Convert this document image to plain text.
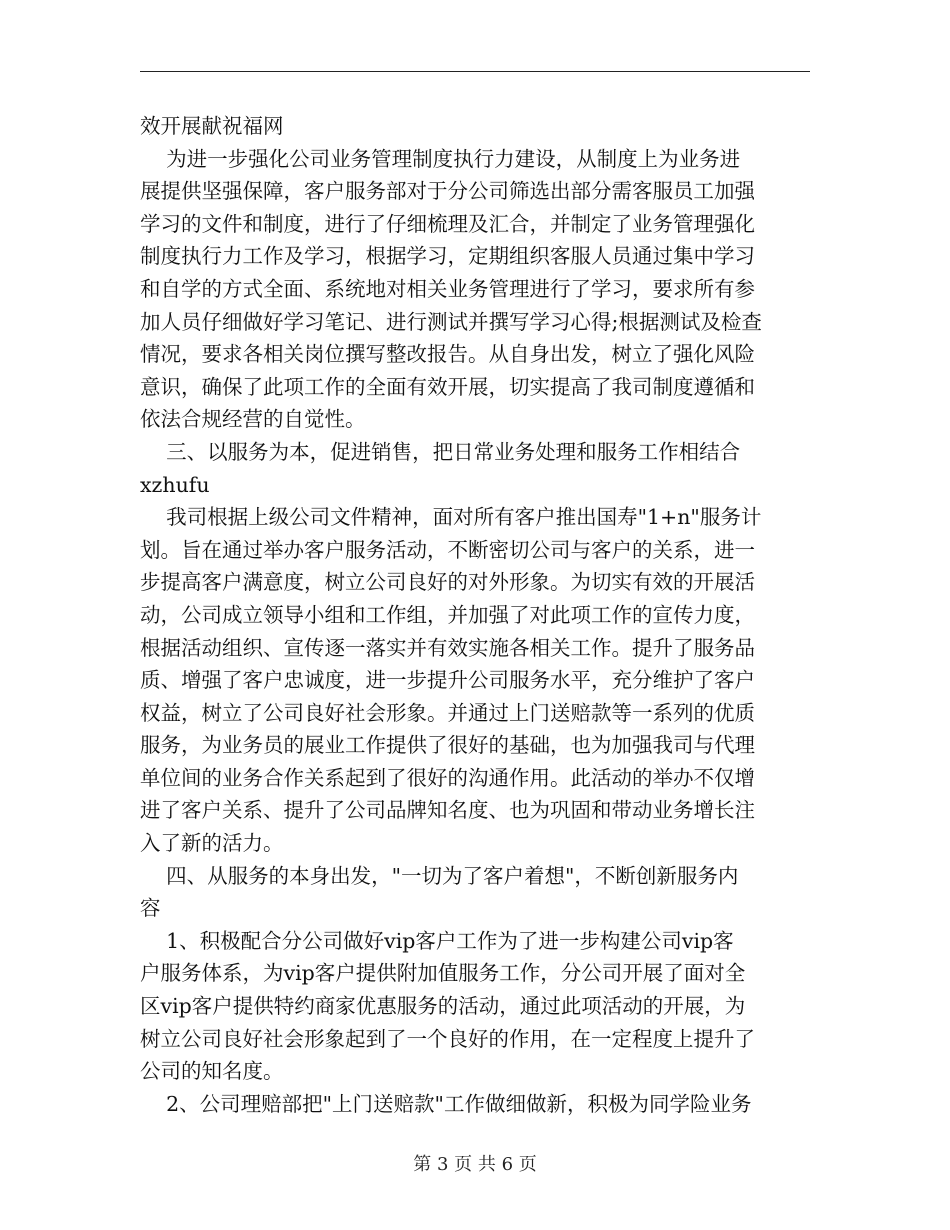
效开展献祝福网
为进一步强化公司业务管理制度执行力建设，从制度上为业务进
展提供坚强保障，客户服务部对于分公司筛选出部分需客服员工加强
学习的文件和制度，进行了仔细梳理及汇合，并制定了业务管理强化
制度执行力工作及学习，根据学习，定期组织客服人员通过集中学习
和自学的方式全面、系统地对相关业务管理进行了学习，要求所有参
加人员仔细做好学习笔记、进行测试并撰写学习心得;根据测试及检查
情况，要求各相关岗位撰写整改报告。从自身出发，树立了强化风险
意识，确保了此项工作的全面有效开展，切实提高了我司制度遵循和
依法合规经营的自觉性。
三、以服务为本，促进销售，把日常业务处理和服务工作相结合
xzhufu
我司根据上级公司文件精神，面对所有客户推出国寿"1+n"服务计
划。旨在通过举办客户服务活动，不断密切公司与客户的关系，进一
步提高客户满意度，树立公司良好的对外形象。为切实有效的开展活
动，公司成立领导小组和工作组，并加强了对此项工作的宣传力度，
根据活动组织、宣传逐一落实并有效实施各相关工作。提升了服务品
质、增强了客户忠诚度，进一步提升公司服务水平，充分维护了客户
权益，树立了公司良好社会形象。并通过上门送赔款等一系列的优质
服务，为业务员的展业工作提供了很好的基础，也为加强我司与代理
单位间的业务合作关系起到了很好的沟通作用。此活动的举办不仅增
进了客户关系、提升了公司品牌知名度、也为巩固和带动业务增长注
入了新的活力。
四、从服务的本身出发，"一切为了客户着想"，不断创新服务内
容
1、积极配合分公司做好vip客户工作为了进一步构建公司vip客
户服务体系，为vip客户提供附加值服务工作，分公司开展了面对全
区vip客户提供特约商家优惠服务的活动，通过此项活动的开展，为
树立公司良好社会形象起到了一个良好的作用，在一定程度上提升了
公司的知名度。
2、公司理赔部把"上门送赔款"工作做细做新，积极为同学险业务
第 3 页 共 6 页
